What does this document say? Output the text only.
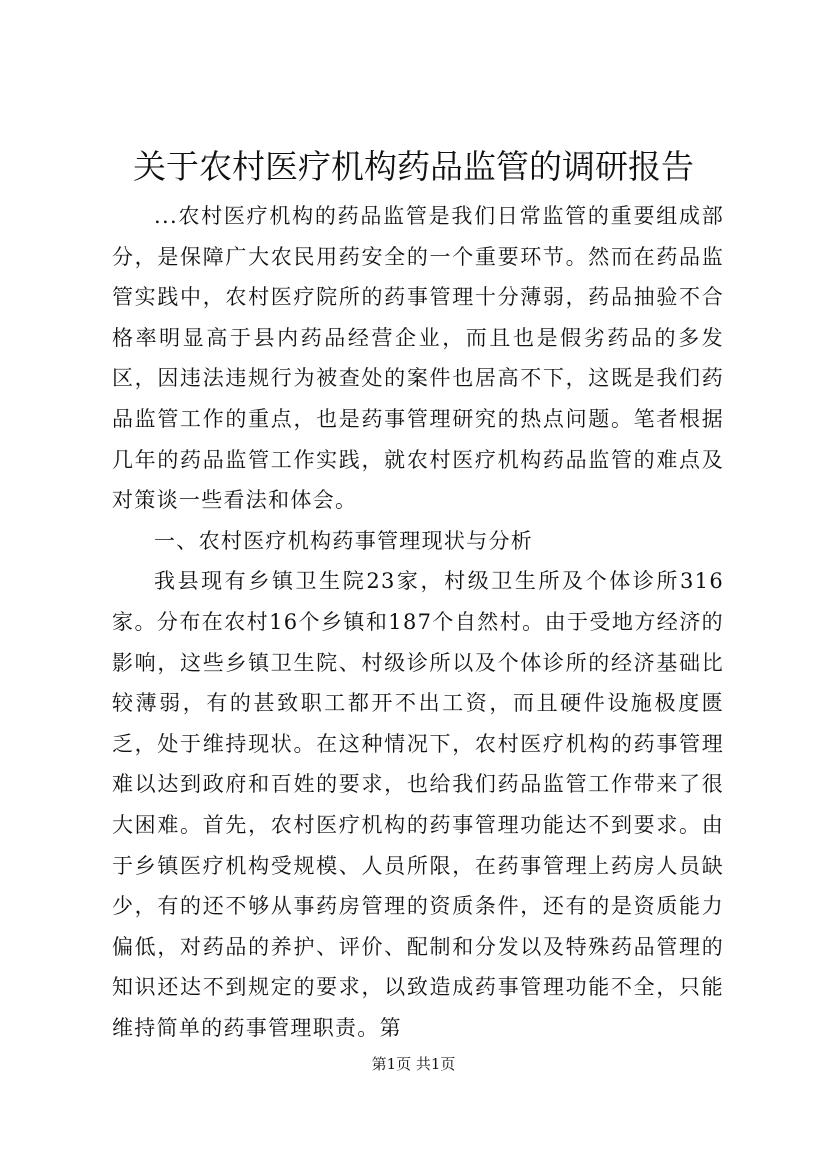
关于农村医疗机构药品监管的调研报告

...农村医疗机构的药品监管是我们日常监管的重要组成部分，是保障广大农民用药安全的一个重要环节。然而在药品监管实践中，农村医疗院所的药事管理十分薄弱，药品抽验不合格率明显高于县内药品经营企业，而且也是假劣药品的多发区，因违法违规行为被查处的案件也居高不下，这既是我们药品监管工作的重点，也是药事管理研究的热点问题。笔者根据几年的药品监管工作实践，就农村医疗机构药品监管的难点及对策谈一些看法和体会。

一、农村医疗机构药事管理现状与分析

我县现有乡镇卫生院23家，村级卫生所及个体诊所316家。分布在农村16个乡镇和187个自然村。由于受地方经济的影响，这些乡镇卫生院、村级诊所以及个体诊所的经济基础比较薄弱，有的甚致职工都开不出工资，而且硬件设施极度匮乏，处于维持现状。在这种情况下，农村医疗机构的药事管理难以达到政府和百姓的要求，也给我们药品监管工作带来了很大困难。首先，农村医疗机构的药事管理功能达不到要求。由于乡镇医疗机构受规模、人员所限，在药事管理上药房人员缺少，有的还不够从事药房管理的资质条件，还有的是资质能力偏低，对药品的养护、评价、配制和分发以及特殊药品管理的知识还达不到规定的要求，以致造成药事管理功能不全，只能维持简单的药事管理职责。第

第1页 共1页
